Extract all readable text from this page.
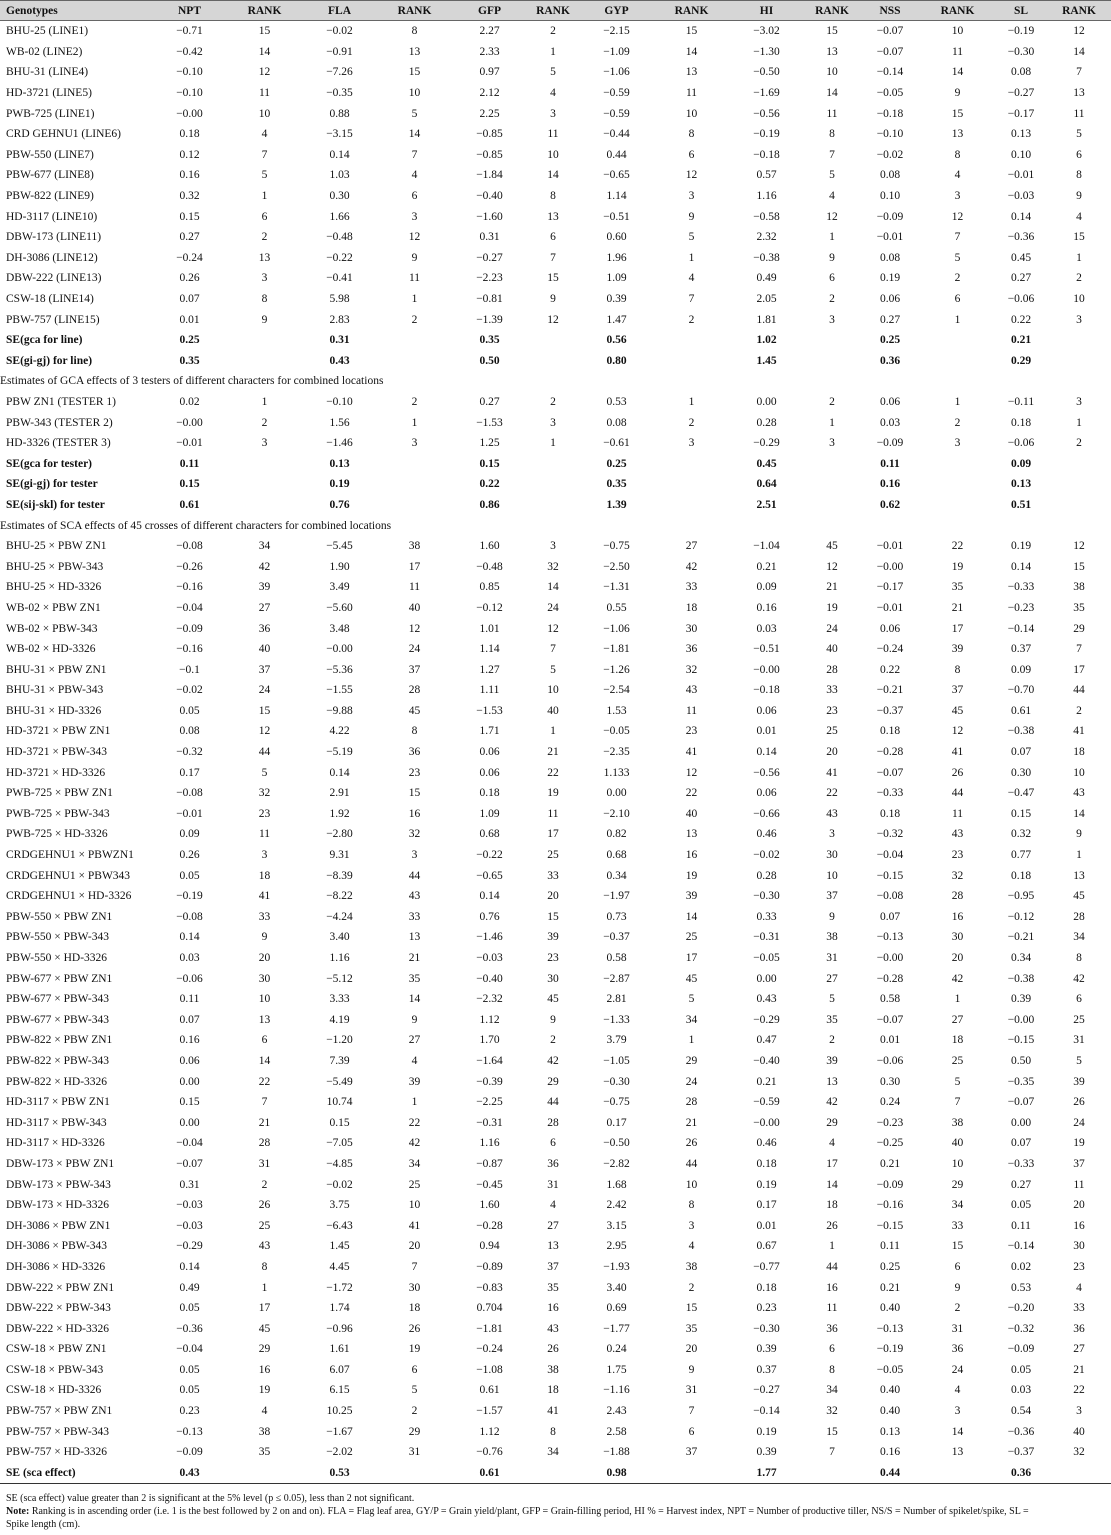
Genotypes	NPT	RANK	FLA	RANK	GFP	RANK	GYP	RANK	HI	RANK	NSS	RANK	SL	RANK
BHU-25 (LINE1)	−0.71	15	−0.02	8	2.27	2	−2.15	15	−3.02	15	−0.07	10	−0.19	12
WB-02 (LINE2)	−0.42	14	−0.91	13	2.33	1	−1.09	14	−1.30	13	−0.07	11	−0.30	14
BHU-31 (LINE4)	−0.10	12	−7.26	15	0.97	5	−1.06	13	−0.50	10	−0.14	14	0.08	7
HD-3721 (LINE5)	−0.10	11	−0.35	10	2.12	4	−0.59	11	−1.69	14	−0.05	9	−0.27	13
PWB-725 (LINE1)	−0.00	10	0.88	5	2.25	3	−0.59	10	−0.56	11	−0.18	15	−0.17	11
CRD GEHNU1 (LINE6)	0.18	4	−3.15	14	−0.85	11	−0.44	8	−0.19	8	−0.10	13	0.13	5
PBW-550 (LINE7)	0.12	7	0.14	7	−0.85	10	0.44	6	−0.18	7	−0.02	8	0.10	6
PBW-677 (LINE8)	0.16	5	1.03	4	−1.84	14	−0.65	12	0.57	5	0.08	4	−0.01	8
PBW-822 (LINE9)	0.32	1	0.30	6	−0.40	8	1.14	3	1.16	4	0.10	3	−0.03	9
HD-3117 (LINE10)	0.15	6	1.66	3	−1.60	13	−0.51	9	−0.58	12	−0.09	12	0.14	4
DBW-173 (LINE11)	0.27	2	−0.48	12	0.31	6	0.60	5	2.32	1	−0.01	7	−0.36	15
DH-3086 (LINE12)	−0.24	13	−0.22	9	−0.27	7	1.96	1	−0.38	9	0.08	5	0.45	1
DBW-222 (LINE13)	0.26	3	−0.41	11	−2.23	15	1.09	4	0.49	6	0.19	2	0.27	2
CSW-18 (LINE14)	0.07	8	5.98	1	−0.81	9	0.39	7	2.05	2	0.06	6	−0.06	10
PBW-757 (LINE15)	0.01	9	2.83	2	−1.39	12	1.47	2	1.81	3	0.27	1	0.22	3
SE(gca for line)	0.25		0.31		0.35		0.56		1.02		0.25		0.21	
SE(gi-gj) for line)	0.35		0.43		0.50		0.80		1.45		0.36		0.29	
Estimates of GCA effects of 3 testers of different characters for combined locations														
PBW ZN1 (TESTER 1)	0.02	1	−0.10	2	0.27	2	0.53	1	0.00	2	0.06	1	−0.11	3
PBW-343 (TESTER 2)	−0.00	2	1.56	1	−1.53	3	0.08	2	0.28	1	0.03	2	0.18	1
HD-3326 (TESTER 3)	−0.01	3	−1.46	3	1.25	1	−0.61	3	−0.29	3	−0.09	3	−0.06	2
SE(gca for tester)	0.11		0.13		0.15		0.25		0.45		0.11		0.09	
SE(gi-gj) for tester	0.15		0.19		0.22		0.35		0.64		0.16		0.13	
SE(sij-skl) for tester	0.61		0.76		0.86		1.39		2.51		0.62		0.51	
Estimates of SCA effects of 45 crosses of different characters for combined locations														
BHU-25 × PBW ZN1	−0.08	34	−5.45	38	1.60	3	−0.75	27	−1.04	45	−0.01	22	0.19	12
BHU-25 × PBW-343	−0.26	42	1.90	17	−0.48	32	−2.50	42	0.21	12	−0.00	19	0.14	15
BHU-25 × HD-3326	−0.16	39	3.49	11	0.85	14	−1.31	33	0.09	21	−0.17	35	−0.33	38
WB-02 × PBW ZN1	−0.04	27	−5.60	40	−0.12	24	0.55	18	0.16	19	−0.01	21	−0.23	35
WB-02 × PBW-343	−0.09	36	3.48	12	1.01	12	−1.06	30	0.03	24	0.06	17	−0.14	29
WB-02 × HD-3326	−0.16	40	−0.00	24	1.14	7	−1.81	36	−0.51	40	−0.24	39	0.37	7
BHU-31 × PBW ZN1	−0.1	37	−5.36	37	1.27	5	−1.26	32	−0.00	28	0.22	8	0.09	17
BHU-31 × PBW-343	−0.02	24	−1.55	28	1.11	10	−2.54	43	−0.18	33	−0.21	37	−0.70	44
BHU-31 × HD-3326	0.05	15	−9.88	45	−1.53	40	1.53	11	0.06	23	−0.37	45	0.61	2
HD-3721 × PBW ZN1	0.08	12	4.22	8	1.71	1	−0.05	23	0.01	25	0.18	12	−0.38	41
HD-3721 × PBW-343	−0.32	44	−5.19	36	0.06	21	−2.35	41	0.14	20	−0.28	41	0.07	18
HD-3721 × HD-3326	0.17	5	0.14	23	0.06	22	1.133	12	−0.56	41	−0.07	26	0.30	10
PWB-725 × PBW ZN1	−0.08	32	2.91	15	0.18	19	0.00	22	0.06	22	−0.33	44	−0.47	43
PWB-725 × PBW-343	−0.01	23	1.92	16	1.09	11	−2.10	40	−0.66	43	0.18	11	0.15	14
PWB-725 × HD-3326	0.09	11	−2.80	32	0.68	17	0.82	13	0.46	3	−0.32	43	0.32	9
CRDGEHNU1 × PBWZN1	0.26	3	9.31	3	−0.22	25	0.68	16	−0.02	30	−0.04	23	0.77	1
CRDGEHNU1 × PBW343	0.05	18	−8.39	44	−0.65	33	0.34	19	0.28	10	−0.15	32	0.18	13
CRDGEHNU1 × HD-3326	−0.19	41	−8.22	43	0.14	20	−1.97	39	−0.30	37	−0.08	28	−0.95	45
PBW-550 × PBW ZN1	−0.08	33	−4.24	33	0.76	15	0.73	14	0.33	9	0.07	16	−0.12	28
PBW-550 × PBW-343	0.14	9	3.40	13	−1.46	39	−0.37	25	−0.31	38	−0.13	30	−0.21	34
PBW-550 × HD-3326	0.03	20	1.16	21	−0.03	23	0.58	17	−0.05	31	−0.00	20	0.34	8
PBW-677 × PBW ZN1	−0.06	30	−5.12	35	−0.40	30	−2.87	45	0.00	27	−0.28	42	−0.38	42
PBW-677 × PBW-343	0.11	10	3.33	14	−2.32	45	2.81	5	0.43	5	0.58	1	0.39	6
PBW-677 × PBW-343	0.07	13	4.19	9	1.12	9	−1.33	34	−0.29	35	−0.07	27	−0.00	25
PBW-822 × PBW ZN1	0.16	6	−1.20	27	1.70	2	3.79	1	0.47	2	0.01	18	−0.15	31
PBW-822 × PBW-343	0.06	14	7.39	4	−1.64	42	−1.05	29	−0.40	39	−0.06	25	0.50	5
PBW-822 × HD-3326	0.00	22	−5.49	39	−0.39	29	−0.30	24	0.21	13	0.30	5	−0.35	39
HD-3117 × PBW ZN1	0.15	7	10.74	1	−2.25	44	−0.75	28	−0.59	42	0.24	7	−0.07	26
HD-3117 × PBW-343	0.00	21	0.15	22	−0.31	28	0.17	21	−0.00	29	−0.23	38	0.00	24
HD-3117 × HD-3326	−0.04	28	−7.05	42	1.16	6	−0.50	26	0.46	4	−0.25	40	0.07	19
DBW-173 × PBW ZN1	−0.07	31	−4.85	34	−0.87	36	−2.82	44	0.18	17	0.21	10	−0.33	37
DBW-173 × PBW-343	0.31	2	−0.02	25	−0.45	31	1.68	10	0.19	14	−0.09	29	0.27	11
DBW-173 × HD-3326	−0.03	26	3.75	10	1.60	4	2.42	8	0.17	18	−0.16	34	0.05	20
DH-3086 × PBW ZN1	−0.03	25	−6.43	41	−0.28	27	3.15	3	0.01	26	−0.15	33	0.11	16
DH-3086 × PBW-343	−0.29	43	1.45	20	0.94	13	2.95	4	0.67	1	0.11	15	−0.14	30
DH-3086 × HD-3326	0.14	8	4.45	7	−0.89	37	−1.93	38	−0.77	44	0.25	6	0.02	23
DBW-222 × PBW ZN1	0.49	1	−1.72	30	−0.83	35	3.40	2	0.18	16	0.21	9	0.53	4
DBW-222 × PBW-343	0.05	17	1.74	18	0.704	16	0.69	15	0.23	11	0.40	2	−0.20	33
DBW-222 × HD-3326	−0.36	45	−0.96	26	−1.81	43	−1.77	35	−0.30	36	−0.13	31	−0.32	36
CSW-18 × PBW ZN1	−0.04	29	1.61	19	−0.24	26	0.24	20	0.39	6	−0.19	36	−0.09	27
CSW-18 × PBW-343	0.05	16	6.07	6	−1.08	38	1.75	9	0.37	8	−0.05	24	0.05	21
CSW-18 × HD-3326	0.05	19	6.15	5	0.61	18	−1.16	31	−0.27	34	0.40	4	0.03	22
PBW-757 × PBW ZN1	0.23	4	10.25	2	−1.57	41	2.43	7	−0.14	32	0.40	3	0.54	3
PBW-757 × PBW-343	−0.13	38	−1.67	29	1.12	8	2.58	6	0.19	15	0.13	14	−0.36	40
PBW-757 × HD-3326	−0.09	35	−2.02	31	−0.76	34	−1.88	37	0.39	7	0.16	13	−0.37	32
SE (sca effect)	0.43		0.53		0.61		0.98		1.77		0.44		0.36	

SE (sca effect) value greater than 2 is significant at the 5% level (p ≤ 0.05), less than 2 not significant.

Note: Ranking is in ascending order (i.e. 1 is the best followed by 2 on and on). FLA = Flag leaf area, GY/P = Grain yield/plant, GFP = Grain-filling period, HI % = Harvest index, NPT = Number of productive tiller, NS/S = Number of spikelet/spike, SL = Spike length (cm).
